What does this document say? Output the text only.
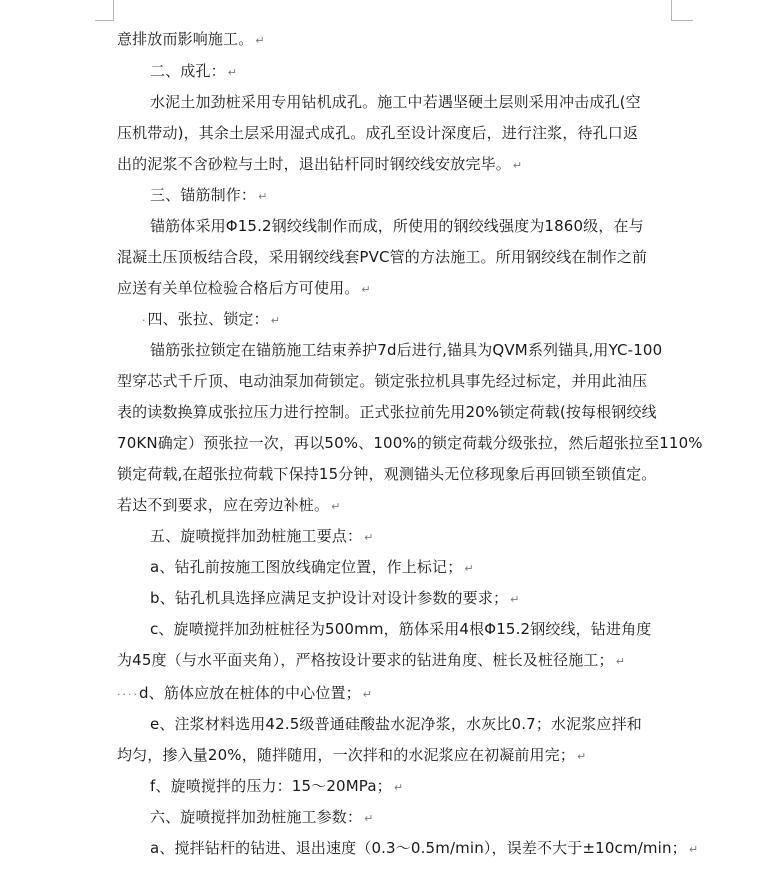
意排放而影响施工。 ↵
二、成孔： ↵
水泥土加劲桩采用专用钻机成孔。施工中若遇坚硬土层则采用冲击成孔(空
压机带动)，其余土层采用湿式成孔。成孔至设计深度后，进行注浆，待孔口返
出的泥浆不含砂粒与土时，退出钻杆同时钢绞线安放完毕。 ↵
三、锚筋制作： ↵
锚筋体采用Φ15.2钢绞线制作而成，所使用的钢绞线强度为1860级，在与
混凝土压顶板结合段，采用钢绞线套PVC管的方法施工。所用钢绞线在制作之前
应送有关单位检验合格后方可使用。 ↵
·四、张拉、锁定： ↵
锚筋张拉锁定在锚筋施工结束养护7d后进行,锚具为QVM系列锚具,用YC-100
型穿芯式千斤顶、电动油泵加荷锁定。锁定张拉机具事先经过标定，并用此油压
表的读数换算成张拉压力进行控制。正式张拉前先用20%锁定荷载(按每根钢绞线
70KN确定）预张拉一次，再以50%、100%的锁定荷载分级张拉，然后超张拉至110%
锁定荷载,在超张拉荷载下保持15分钟，观测锚头无位移现象后再回锁至锁值定。
若达不到要求，应在旁边补桩。 ↵
五、旋喷搅拌加劲桩施工要点： ↵
a、钻孔前按施工图放线确定位置，作上标记； ↵
b、钻孔机具选择应满足支护设计对设计参数的要求； ↵
c、旋喷搅拌加劲桩桩径为500mm，筋体采用4根Φ15.2钢绞线，钻进角度
为45度（与水平面夹角），严格按设计要求的钻进角度、桩长及桩径施工； ↵
····d、筋体应放在桩体的中心位置； ↵
e、注浆材料选用42.5级普通硅酸盐水泥净浆，水灰比0.7；水泥浆应拌和
均匀，掺入量20%，随拌随用，一次拌和的水泥浆应在初凝前用完； ↵
f、旋喷搅拌的压力：15～20MPa； ↵
六、旋喷搅拌加劲桩施工参数： ↵
a、搅拌钻杆的钻进、退出速度（0.3～0.5m/min），误差不大于±10cm/min； ↵
